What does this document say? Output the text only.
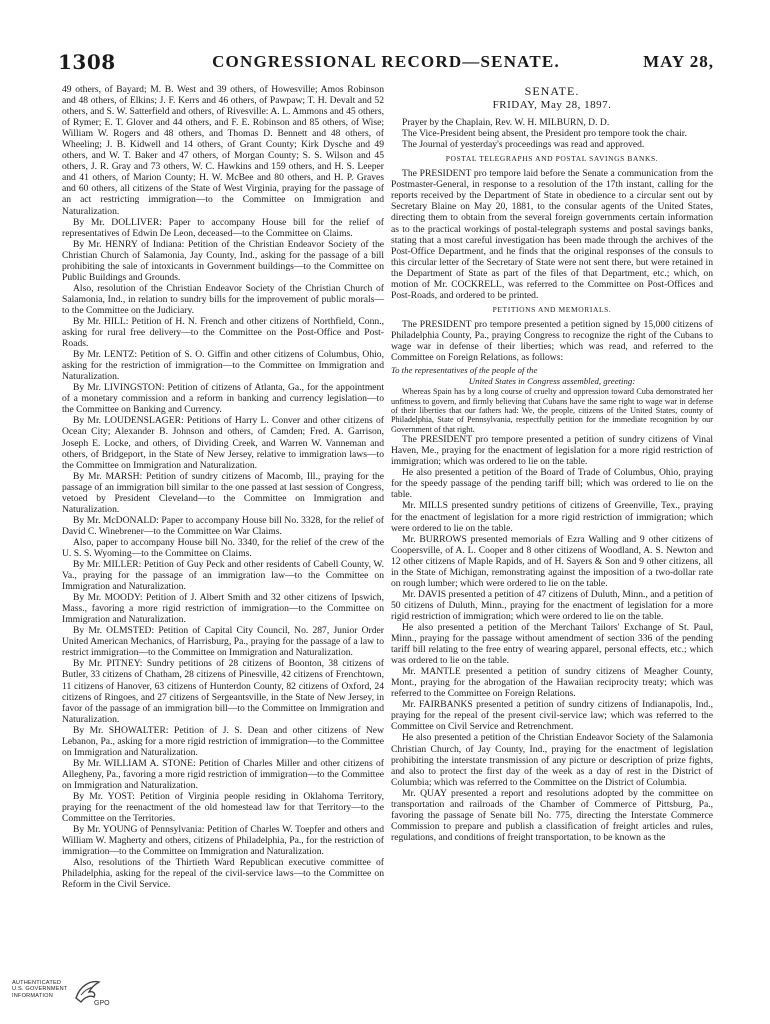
1308	CONGRESSIONAL RECORD—SENATE.	MAY 28,

49 others, of Bayard; M. B. West and 39 others, of Howesville; Amos Robinson and 48 others, of Elkins; J. F. Kerrs and 46 others, of Pawpaw; T. H. Devalt and 52 others, and S. W. Satterfield and others, of Rivesville: A. L. Ammons and 45 others, of Rymer; E. T. Glover and 44 others, and F. E. Robinson and 85 others, of Wise; William W. Rogers and 48 others, and Thomas D. Bennett and 48 others, of Wheeling; J. B. Kidwell and 14 others, of Grant County; Kirk Dysche and 49 others, and W. T. Baker and 47 others, of Morgan County; S. S. Wilson and 45 others, J. R. Gray and 73 others, W. C. Hawkins and 159 others, and H. S. Leeper and 41 others, of Marion County; H. W. McBee and 80 others, and H. P. Graves and 60 others, all citizens of the State of West Virginia, praying for the passage of an act restricting immigration—to the Committee on Immigration and Naturalization.

By Mr. DOLLIVER: Paper to accompany House bill for the relief of representatives of Edwin De Leon, deceased—to the Committee on Claims.

By Mr. HENRY of Indiana: Petition of the Christian Endeavor Society of the Christian Church of Salamonia, Jay County, Ind., asking for the passage of a bill prohibiting the sale of intoxicants in Government buildings—to the Committee on Public Buildings and Grounds.

Also, resolution of the Christian Endeavor Society of the Christian Church of Salamonia, Ind., in relation to sundry bills for the improvement of public morals—to the Committee on the Judiciary.

By Mr. HILL: Petition of H. N. French and other citizens of Northfield, Conn., asking for rural free delivery—to the Committee on the Post-Office and Post-Roads.

By Mr. LENTZ: Petition of S. O. Giffin and other citizens of Columbus, Ohio, asking for the restriction of immigration—to the Committee on Immigration and Naturalization.

By Mr. LIVINGSTON: Petition of citizens of Atlanta, Ga., for the appointment of a monetary commission and a reform in banking and currency legislation—to the Committee on Banking and Currency.

By Mr. LOUDENSLAGER: Petitions of Harry L. Conver and other citizens of Ocean City; Alexander B. Johnson and others, of Camden; Fred. A. Garrison, Joseph E. Locke, and others, of Dividing Creek, and Warren W. Vanneman and others, of Bridgeport, in the State of New Jersey, relative to immigration laws—to the Committee on Immigration and Naturalization.

By Mr. MARSH: Petition of sundry citizens of Macomb, Ill., praying for the passage of an immigration bill similar to the one passed at last session of Congress, vetoed by President Cleveland—to the Committee on Immigration and Naturalization.

By Mr. McDONALD: Paper to accompany House bill No. 3328, for the relief of David C. Winebrener—to the Committee on War Claims.

Also, paper to accompany House bill No. 3340, for the relief of the crew of the U. S. S. Wyoming—to the Committee on Claims.

By Mr. MILLER: Petition of Guy Peck and other residents of Cabell County, W. Va., praying for the passage of an immigration law—to the Committee on Immigration and Naturalization.

By Mr. MOODY: Petition of J. Albert Smith and 32 other citizens of Ipswich, Mass., favoring a more rigid restriction of immigration—to the Committee on Immigration and Naturalization.

By Mr. OLMSTED: Petition of Capital City Council, No. 287, Junior Order United American Mechanics, of Harrisburg, Pa., praying for the passage of a law to restrict immigration—to the Committee on Immigration and Naturalization.

By Mr. PITNEY: Sundry petitions of 28 citizens of Boonton, 38 citizens of Butler, 33 citizens of Chatham, 28 citizens of Pinesville, 42 citizens of Frenchtown, 11 citizens of Hanover, 63 citizens of Hunterdon County, 82 citizens of Oxford, 24 citizens of Ringoes, and 27 citizens of Sergeantsville, in the State of New Jersey, in favor of the passage of an immigration bill—to the Committee on Immigration and Naturalization.

By Mr. SHOWALTER: Petition of J. S. Dean and other citizens of New Lebanon, Pa., asking for a more rigid restriction of immigration—to the Committee on Immigration and Naturalization.

By Mr. WILLIAM A. STONE: Petition of Charles Miller and other citizens of Allegheny, Pa., favoring a more rigid restriction of immigration—to the Committee on Immigration and Naturalization.

By Mr. YOST: Petition of Virginia people residing in Oklahoma Territory, praying for the reenactment of the old homestead law for that Territory—to the Committee on the Territories.

By Mr. YOUNG of Pennsylvania: Petition of Charles W. Toepfer and others and William W. Magherty and others, citizens of Philadelphia, Pa., for the restriction of immigration—to the Committee on Immigration and Naturalization.

Also, resolutions of the Thirtieth Ward Republican executive committee of Philadelphia, asking for the repeal of the civil-service laws—to the Committee on Reform in the Civil Service.

SENATE.
FRIDAY, May 28, 1897.

Prayer by the Chaplain, Rev. W. H. MILBURN, D. D.

The Vice-President being absent, the President pro tempore took the chair.

The Journal of yesterday's proceedings was read and approved.

POSTAL TELEGRAPHS AND POSTAL SAVINGS BANKS.

The PRESIDENT pro tempore laid before the Senate a communication from the Postmaster-General, in response to a resolution of the 17th instant, calling for the reports received by the Department of State in obedience to a circular sent out by Secretary Blaine on May 20, 1881, to the consular agents of the United States, directing them to obtain from the several foreign governments certain information as to the practical workings of postal-telegraph systems and postal savings banks, stating that a most careful investigation has been made through the archives of the Post-Office Department, and he finds that the original responses of the consuls to this circular letter of the Secretary of State were not sent there, but were retained in the Department of State as part of the files of that Department, etc.; which, on motion of Mr. COCKRELL, was referred to the Committee on Post-Offices and Post-Roads, and ordered to be printed.

PETITIONS AND MEMORIALS.

The PRESIDENT pro tempore presented a petition signed by 15,000 citizens of Philadelphia County, Pa., praying Congress to recognize the right of the Cubans to wage war in defense of their liberties; which was read, and referred to the Committee on Foreign Relations, as follows:

To the representatives of the people of the
United States in Congress assembled, greeting:

Whereas Spain has by a long course of cruelty and oppression toward Cuba demonstrated her unfitness to govern, and firmly believing that Cubans have the same right to wage war in defense of their liberties that our fathers had: We, the people, citizens of the United States, county of Philadelphia, State of Pennsylvania, respectfully petition for the immediate recognition by our Government of that right.

The PRESIDENT pro tempore presented a petition of sundry citizens of Vinal Haven, Me., praying for the enactment of legislation for a more rigid restriction of immigration; which was ordered to lie on the table.

He also presented a petition of the Board of Trade of Columbus, Ohio, praying for the speedy passage of the pending tariff bill; which was ordered to lie on the table.

Mr. MILLS presented sundry petitions of citizens of Greenville, Tex., praying for the enactment of legislation for a more rigid restriction of immigration; which were ordered to lie on the table.

Mr. BURROWS presented memorials of Ezra Walling and 9 other citizens of Coopersville, of A. L. Cooper and 8 other citizens of Woodland, A. S. Newton and 12 other citizens of Maple Rapids, and of H. Sayers & Son and 9 other citizens, all in the State of Michigan, remonstrating against the imposition of a two-dollar rate on rough lumber; which were ordered to lie on the table.

Mr. DAVIS presented a petition of 47 citizens of Duluth, Minn., and a petition of 50 citizens of Duluth, Minn., praying for the enactment of legislation for a more rigid restriction of immigration; which were ordered to lie on the table.

He also presented a petition of the Merchant Tailors' Exchange of St. Paul, Minn., praying for the passage without amendment of section 336 of the pending tariff bill relating to the free entry of wearing apparel, personal effects, etc.; which was ordered to lie on the table.

Mr. MANTLE presented a petition of sundry citizens of Meagher County, Mont., praying for the abrogation of the Hawaiian reciprocity treaty; which was referred to the Committee on Foreign Relations.

Mr. FAIRBANKS presented a petition of sundry citizens of Indianapolis, Ind., praying for the repeal of the present civil-service law; which was referred to the Committee on Civil Service and Retrenchment.

He also presented a petition of the Christian Endeavor Society of the Salamonia Christian Church, of Jay County, Ind., praying for the enactment of legislation prohibiting the interstate transmission of any picture or description of prize fights, and also to protect the first day of the week as a day of rest in the District of Columbia; which was referred to the Committee on the District of Columbia.

Mr. QUAY presented a report and resolutions adopted by the committee on transportation and railroads of the Chamber of Commerce of Pittsburg, Pa., favoring the passage of Senate bill No. 775, directing the Interstate Commerce Commission to prepare and publish a classification of freight articles and rules, regulations, and conditions of freight transportation, to be known as the

AUTHENTICATED
U.S. GOVERNMENT
INFORMATION
GPO
